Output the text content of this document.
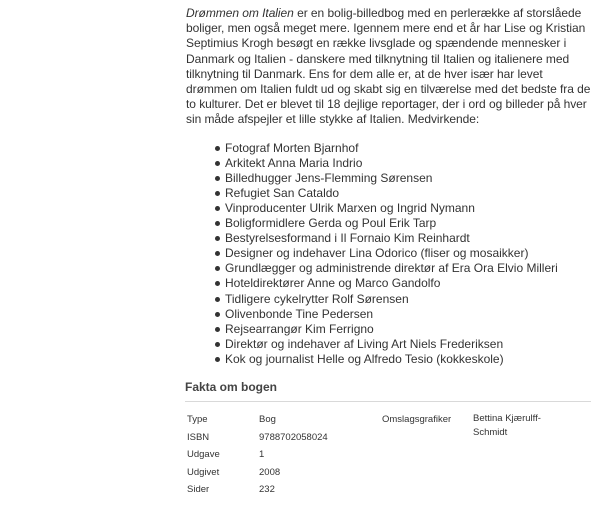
Drømmen om Italien er en bolig-billedbog med en perlerække af storslåede boliger, men også meget mere. Igennem mere end et år har Lise og Kristian Septimius Krogh besøgt en række livsglade og spændende mennesker i Danmark og Italien - danskere med tilknytning til Italien og italienere med tilknytning til Danmark. Ens for dem alle er, at de hver især har levet drømmen om Italien fuldt ud og skabt sig en tilværelse med det bedste fra de to kulturer. Det er blevet til 18 dejlige reportager, der i ord og billeder på hver sin måde afspejler et lille stykke af Italien. Medvirkende:

Fotograf Morten Bjarnhof
Arkitekt Anna Maria Indrio
Billedhugger Jens-Flemming Sørensen
Refugiet San Cataldo
Vinproducenter Ulrik Marxen og Ingrid Nymann
Boligformidlere Gerda og Poul Erik Tarp
Bestyrelsesformand i Il Fornaio Kim Reinhardt
Designer og indehaver Lina Odorico (fliser og mosaikker)
Grundlægger og administrende direktør af Era Ora Elvio Milleri
Hoteldirektører Anne og Marco Gandolfo
Tidligere cykelrytter Rolf Sørensen
Olivenbonde Tine Pedersen
Rejsearrangør Kim Ferrigno
Direktør og indehaver af Living Art Niels Frederiksen
Kok og journalist Helle og Alfredo Tesio (kokkeskole)
Fakta om bogen
Type
ISBN
Udgave
Udgivet
Sider
Bog
9788702058024
1
2008
232
Omslagsgrafiker Bettina Kjærulff-Schmidt
